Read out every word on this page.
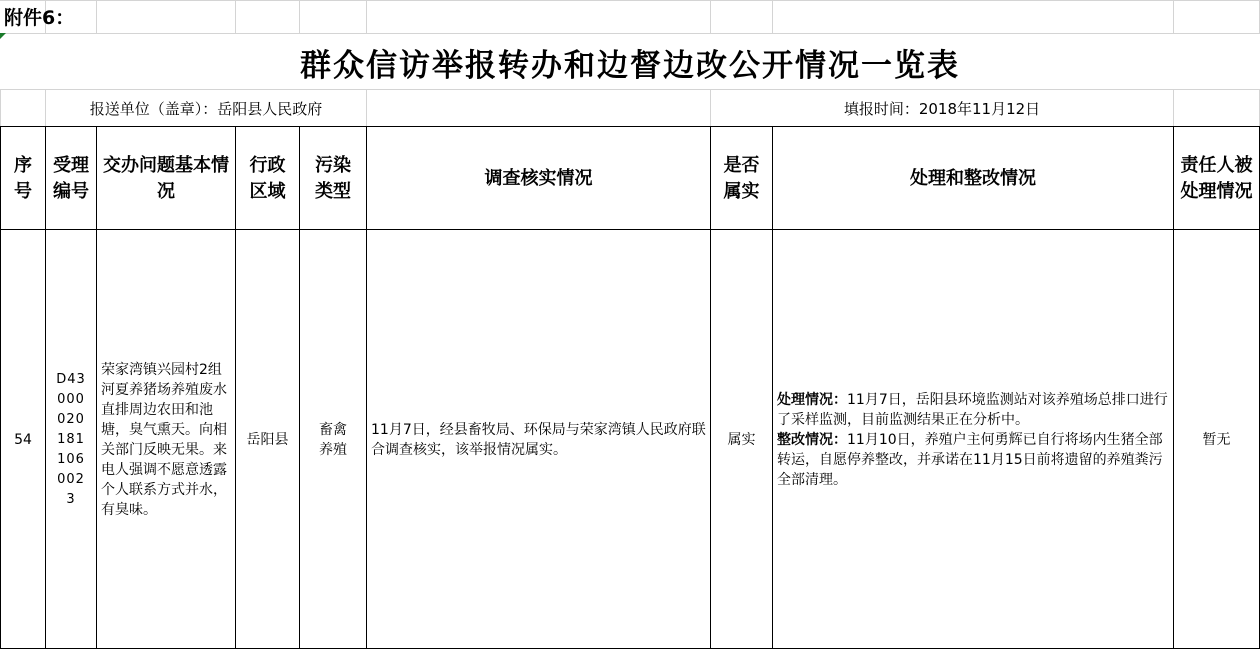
附件6：
群众信访举报转办和边督边改公开情况一览表
报送单位（盖章）：岳阳县人民政府	填报时间：2018年11月12日
序号
受理编号
交办问题基本情况
行政区域
污染类型
调查核实情况
是否属实
处理和整改情况
责任人被处理情况
54
D430000201811060023
荣家湾镇兴园村2组河夏养猪场养殖废水直排周边农田和池塘，臭气熏天。向相关部门反映无果。来电人强调不愿意透露个人联系方式并水，有臭味。
岳阳县
畜禽养殖
11月7日，经县畜牧局、环保局与荣家湾镇人民政府联合调查核实，该举报情况属实。
属实
处理情况：11月7日，岳阳县环境监测站对该养殖场总排口进行了采样监测，目前监测结果正在分析中。
整改情况：11月10日，养殖户主何勇辉已自行将场内生猪全部转运，自愿停养整改，并承诺在11月15日前将遗留的养殖粪污全部清理。
暂无
